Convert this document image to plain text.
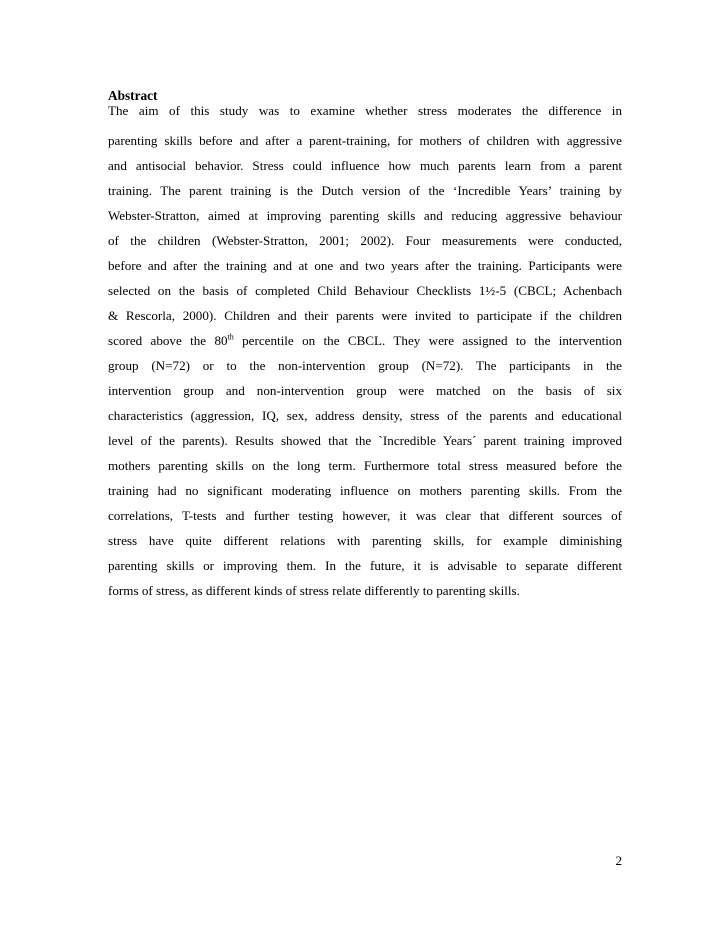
Abstract
The aim of this study was to examine whether stress moderates the difference in
parenting skills before and after a parent-training, for mothers of children with aggressive
and antisocial behavior. Stress could influence how much parents learn from a parent
training. The parent training is the Dutch version of the ‘Incredible Years’ training by
Webster-Stratton, aimed at improving parenting skills and reducing aggressive behaviour
of the children (Webster-Stratton, 2001; 2002). Four measurements were conducted,
before and after the training and at one and two years after the training. Participants were
selected on the basis of completed Child Behaviour Checklists 1½-5 (CBCL; Achenbach
& Rescorla, 2000). Children and their parents were invited to participate if the children
scored above the 80th percentile on the CBCL. They were assigned to the intervention
group (N=72) or to the non-intervention group (N=72). The participants in the
intervention group and non-intervention group were matched on the basis of six
characteristics (aggression, IQ, sex, address density, stress of the parents and educational
level of the parents). Results showed that the `Incredible Years´ parent training improved
mothers parenting skills on the long term. Furthermore total stress measured before the
training had no significant moderating influence on mothers parenting skills. From the
correlations, T-tests and further testing however, it was clear that different sources of
stress have quite different relations with parenting skills, for example diminishing
parenting skills or improving them. In the future, it is advisable to separate different
forms of stress, as different kinds of stress relate differently to parenting skills.
2
